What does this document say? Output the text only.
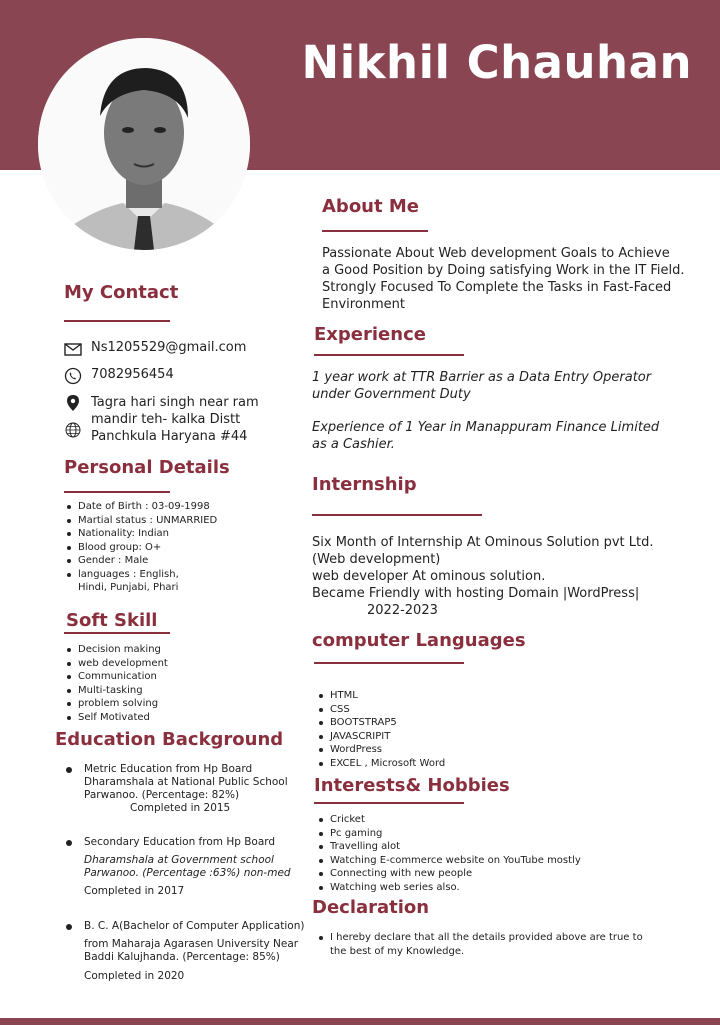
Nikhil Chauhan
About Me
Passionate About Web development Goals to Achieve
a Good Position by Doing satisfying Work in the IT Field.
Strongly Focused To Complete the Tasks in Fast-Faced
Environment
Experience
1 year work at TTR Barrier as a Data Entry Operator
under Government Duty
Experience of 1 Year in Manappuram Finance Limited
as a Cashier.
Internship
Six Month of Internship At Ominous Solution pvt Ltd.
(Web development)
web developer At ominous solution.
Became Friendly with hosting Domain |WordPress|
2022-2023
computer Languages
HTML
CSS
BOOTSTRAP5
JAVASCRIPIT
WordPress
EXCEL , Microsoft Word
Interests& Hobbies
Cricket
Pc gaming
Travelling alot
Watching E-commerce website on YouTube mostly
Connecting with new people
Watching web series also.
Declaration
I hereby declare that all the details provided above are true to
the best of my Knowledge.
My Contact
Ns1205529@gmail.com
7082956454
Tagra hari singh near ram
mandir teh- kalka Distt
Panchkula Haryana #44
Personal Details
Date of Birth : 03-09-1998
Martial status : UNMARRIED
Nationality: Indian
Blood group: O+
Gender : Male
languages : English,
Hindi, Punjabi, Phari
Soft Skill
Decision making
web development
Communication
Multi-tasking
problem solving
Self Motivated
Education Background
Metric Education from Hp Board
Dharamshala at National Public School
Parwanoo. (Percentage: 82%)
Completed in 2015
Secondary Education from Hp Board
Dharamshala at Government school
Parwanoo. (Percentage :63%) non-med
Completed in 2017
B. C. A(Bachelor of Computer Application)
from Maharaja Agarasen University Near
Baddi Kalujhanda. (Percentage: 85%)
Completed in 2020
